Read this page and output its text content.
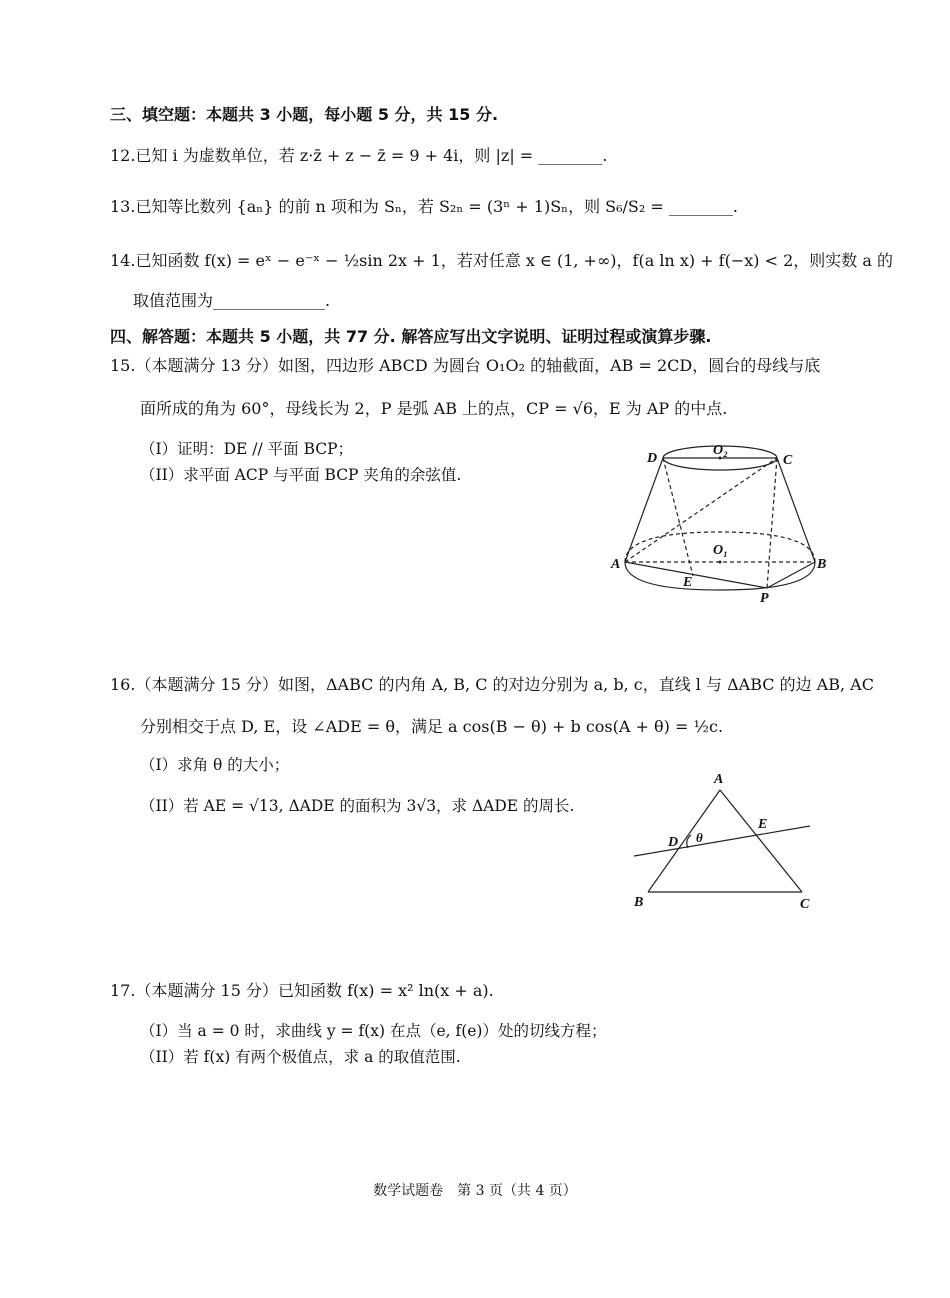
三、填空题：本题共 3 小题，每小题 5 分，共 15 分.
12.已知 i 为虚数单位，若 z·z̄ + z − z̄ = 9 + 4i，则 |z| = ________.
13.已知等比数列 {aₙ} 的前 n 项和为 Sₙ，若 S₂ₙ = (3ⁿ + 1)Sₙ，则 S₆/S₂ = ________.
14.已知函数 f(x) = eˣ − e⁻ˣ − ½sin 2x + 1，若对任意 x ∈ (1, +∞)，f(a ln x) + f(−x) < 2，则实数 a 的
取值范围为______________.
四、解答题：本题共 5 小题，共 77 分. 解答应写出文字说明、证明过程或演算步骤.
15.（本题满分 13 分）如图，四边形 ABCD 为圆台 O₁O₂ 的轴截面，AB = 2CD，圆台的母线与底
面所成的角为 60°，母线长为 2，P 是弧 AB 上的点，CP = √6，E 为 AP 的中点.
（I）证明：DE // 平面 BCP；
（II）求平面 ACP 与平面 BCP 夹角的余弦值.
D
O₂
C
O₁
A	B
E
P
16.（本题满分 15 分）如图，ΔABC 的内角 A, B, C 的对边分别为 a, b, c，直线 l 与 ΔABC 的边 AB, AC
分别相交于点 D, E，设 ∠ADE = θ，满足 a cos(B − θ) + b cos(A + θ) = ½c.
（I）求角 θ 的大小；
（II）若 AE = √13, ΔADE 的面积为 3√3，求 ΔADE 的周长.
A
B	C
D
E
θ
17.（本题满分 15 分）已知函数 f(x) = x² ln(x + a).
（I）当 a = 0 时，求曲线 y = f(x) 在点（e, f(e)）处的切线方程；
（II）若 f(x) 有两个极值点，求 a 的取值范围.
数学试题卷　第 3 页（共 4 页）
